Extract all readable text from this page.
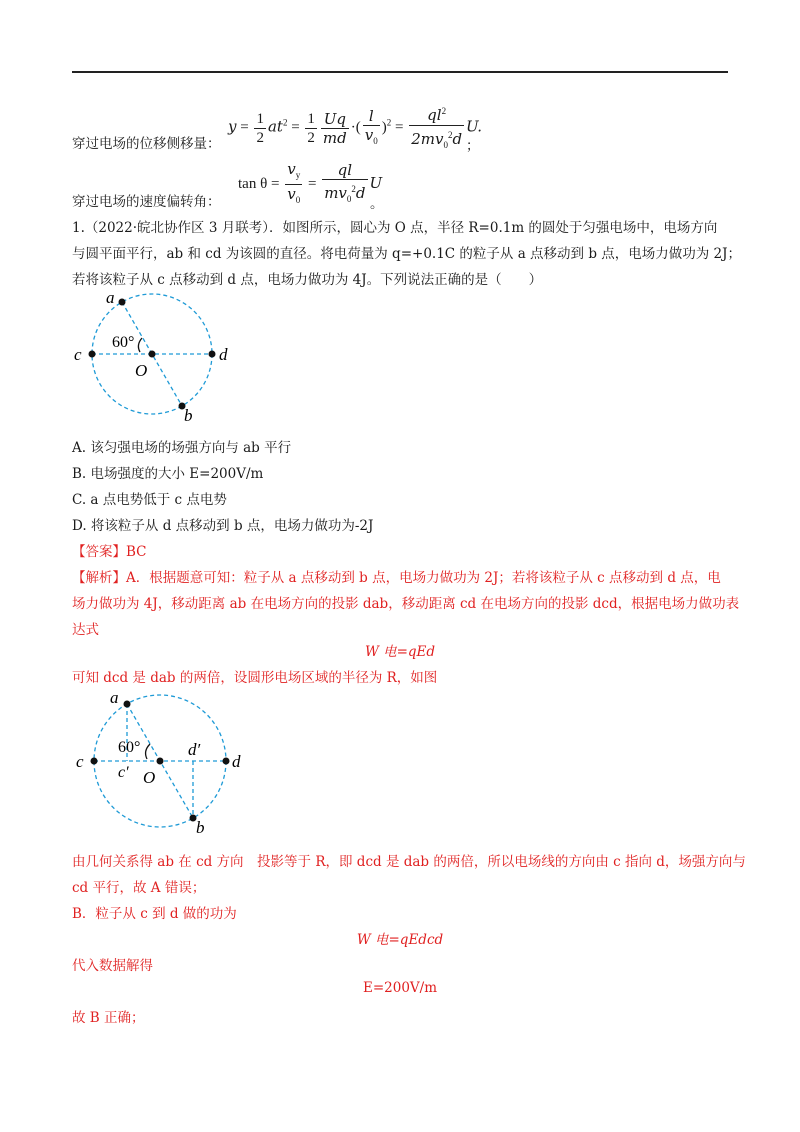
穿过电场的位移侧移量：
$y = \frac{1}{2} at^2 = \frac{1}{2} \frac{Uq}{md}$ ·( $\frac{l}{v_0} )^2 = \frac{ql^2}{2mv_0^2d} U$.
；
$\tan \theta = \frac{v_y}{v_0} = \frac{ql}{mv_0^2d}$ U
穿过电场的速度偏转角：	。
1.（2022·皖北协作区 3 月联考）．如图所示，圆心为 O 点，半径 R=0.1m 的圆处于匀强电场中，电场方向
与圆平面平行，ab 和 cd 为该圆的直径。将电荷量为 q=+0.1C 的粒子从 a 点移动到 b 点，电场力做功为 2J；
若将该粒子从 c 点移动到 d 点，电场力做功为 4J。下列说法正确的是（　　）
a
b
c	d
O
60°
A. 该匀强电场的场强方向与 ab 平行
B. 电场强度的大小 E=200V/m
C. a 点电势低于 c 点电势
D. 将该粒子从 d 点移动到 b 点，电场力做功为-2J
【答案】BC
【解析】A．根据题意可知：粒子从 a 点移动到 b 点，电场力做功为 2J；若将该粒子从 c 点移动到 d 点，电
场力做功为 4J，移动距离 ab 在电场方向的投影 dab，移动距离 cd 在电场方向的投影 dcd，根据电场力做功表
达式
W 电=qEd
可知 dcd 是 dab 的两倍，设圆形电场区域的半径为 R，如图
a
b
c	d
O
c′
d′
60°
由几何关系得 ab 在 cd 方向　投影等于 R，即 dcd 是 dab 的两倍，所以电场线的方向由 c 指向 d，场强方向与
cd 平行，故 A 错误；
B．粒子从 c 到 d 做的功为
W 电=qEdcd
代入数据解得
E=200V/m
故 B 正确；
